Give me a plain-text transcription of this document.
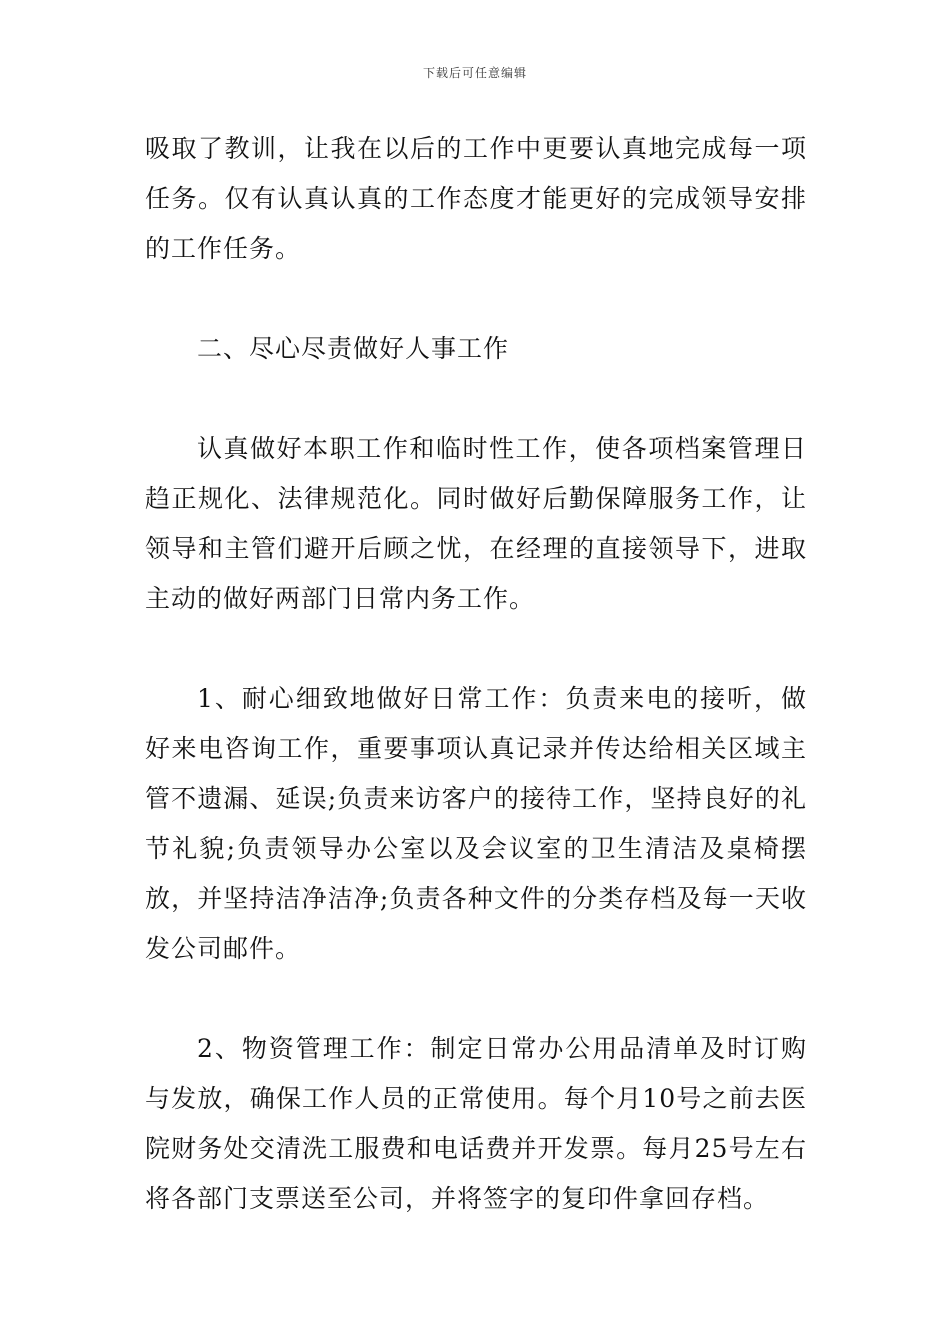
下载后可任意编辑

吸取了教训，让我在以后的工作中更要认真地完成每一项任务。仅有认真认真的工作态度才能更好的完成领导安排的工作任务。

二、尽心尽责做好人事工作

认真做好本职工作和临时性工作，使各项档案管理日趋正规化、法律规范化。同时做好后勤保障服务工作，让领导和主管们避开后顾之忧，在经理的直接领导下，进取主动的做好两部门日常内务工作。

1、耐心细致地做好日常工作：负责来电的接听，做好来电咨询工作，重要事项认真记录并传达给相关区域主管不遗漏、延误;负责来访客户的接待工作，坚持良好的礼节礼貌;负责领导办公室以及会议室的卫生清洁及桌椅摆放，并坚持洁净洁净;负责各种文件的分类存档及每一天收发公司邮件。

2、物资管理工作：制定日常办公用品清单及时订购与发放，确保工作人员的正常使用。每个月10号之前去医院财务处交清洗工服费和电话费并开发票。每月25号左右将各部门支票送至公司，并将签字的复印件拿回存档。
